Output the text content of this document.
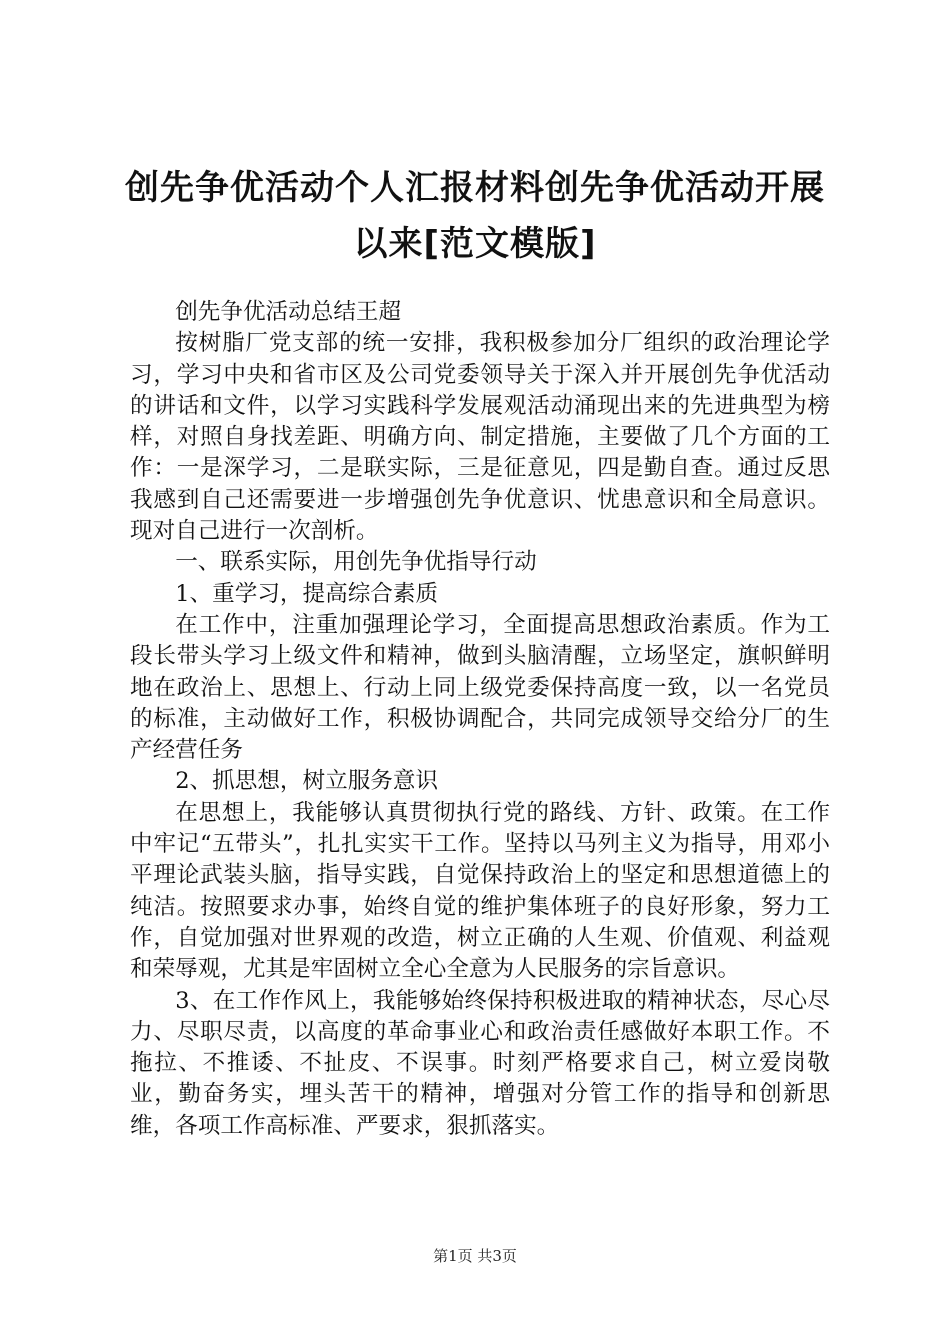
创先争优活动个人汇报材料创先争优活动开展
以来[范文模版]

创先争优活动总结王超

按树脂厂党支部的统一安排，我积极参加分厂组织的政治理论学习，学习中央和省市区及公司党委领导关于深入并开展创先争优活动的讲话和文件，以学习实践科学发展观活动涌现出来的先进典型为榜样，对照自身找差距、明确方向、制定措施，主要做了几个方面的工作：一是深学习，二是联实际，三是征意见，四是勤自查。通过反思我感到自己还需要进一步增强创先争优意识、忧患意识和全局意识。现对自己进行一次剖析。

一、联系实际，用创先争优指导行动

1、重学习，提高综合素质

在工作中，注重加强理论学习，全面提高思想政治素质。作为工段长带头学习上级文件和精神，做到头脑清醒，立场坚定，旗帜鲜明地在政治上、思想上、行动上同上级党委保持高度一致，以一名党员的标准，主动做好工作，积极协调配合，共同完成领导交给分厂的生产经营任务

2、抓思想，树立服务意识

在思想上，我能够认真贯彻执行党的路线、方针、政策。在工作中牢记“五带头”，扎扎实实干工作。坚持以马列主义为指导，用邓小平理论武装头脑，指导实践，自觉保持政治上的坚定和思想道德上的纯洁。按照要求办事，始终自觉的维护集体班子的良好形象，努力工作，自觉加强对世界观的改造，树立正确的人生观、价值观、利益观和荣辱观，尤其是牢固树立全心全意为人民服务的宗旨意识。

3、在工作作风上，我能够始终保持积极进取的精神状态，尽心尽力、尽职尽责，以高度的革命事业心和政治责任感做好本职工作。不拖拉、不推诿、不扯皮、不误事。时刻严格要求自己，树立爱岗敬业，勤奋务实，埋头苦干的精神，增强对分管工作的指导和创新思维，各项工作高标准、严要求，狠抓落实。

第1页 共3页
